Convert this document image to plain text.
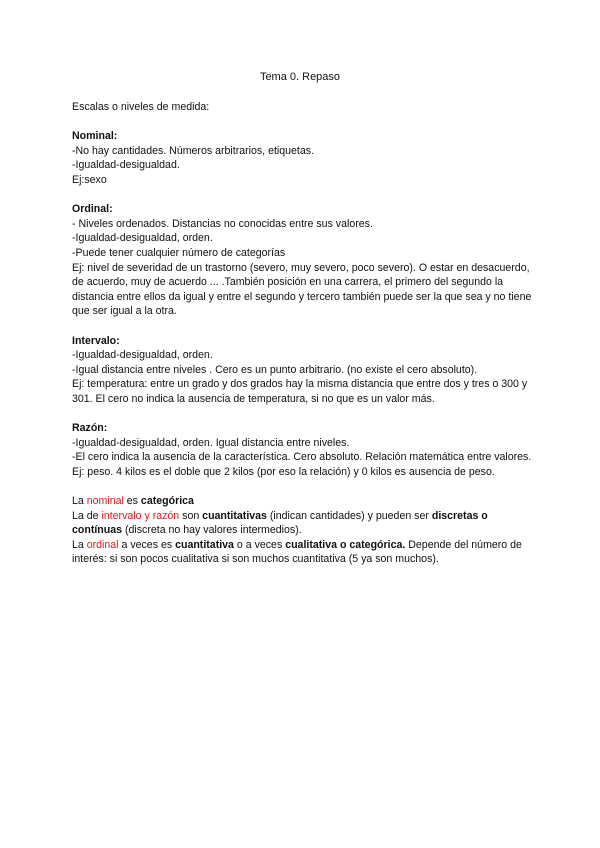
Tema 0. Repaso

Escalas o niveles de medida:

Nominal:

-No hay cantidades. Números arbitrarios, etiquetas.

-Igualdad-desigualdad.

Ej:sexo

Ordinal:

- Niveles ordenados. Distancias no conocidas entre sus valores.

-Igualdad-desigualdad, orden.

-Puede tener cualquier número de categorías

Ej: nivel de severidad de un trastorno (severo, muy severo, poco severo). O estar en desacuerdo, de acuerdo, muy de acuerdo ... .También posición en una carrera, el primero del segundo la distancia entre ellos da igual y entre el segundo y tercero también puede ser la que sea y no tiene que ser igual a la otra.

Intervalo:

-Igualdad-desigualdad, orden.

-Igual distancia entre niveles . Cero es un punto arbitrario. (no existe el cero absoluto).

Ej: temperatura: entre un grado y dos grados hay la misma distancia que entre dos y tres o 300 y 301. El cero no indica la ausencia de temperatura, si no que es un valor más.

Razón:

-Igualdad-desigualdad, orden. Igual distancia entre niveles.

-El cero indica la ausencia de la característica. Cero absoluto. Relación matemática entre valores.

Ej: peso. 4 kilos es el doble que 2 kilos (por eso la relación) y 0 kilos es ausencia de peso.

La nominal es categórica

La de intervalo y razón son cuantitativas (indican cantidades) y pueden ser discretas o contínuas (discreta no hay valores intermedios).

La ordinal a veces es cuantitativa o a veces cualitativa o categórica. Depende del número de interés: si son pocos cualitativa si son muchos cuantitativa (5 ya son muchos).
